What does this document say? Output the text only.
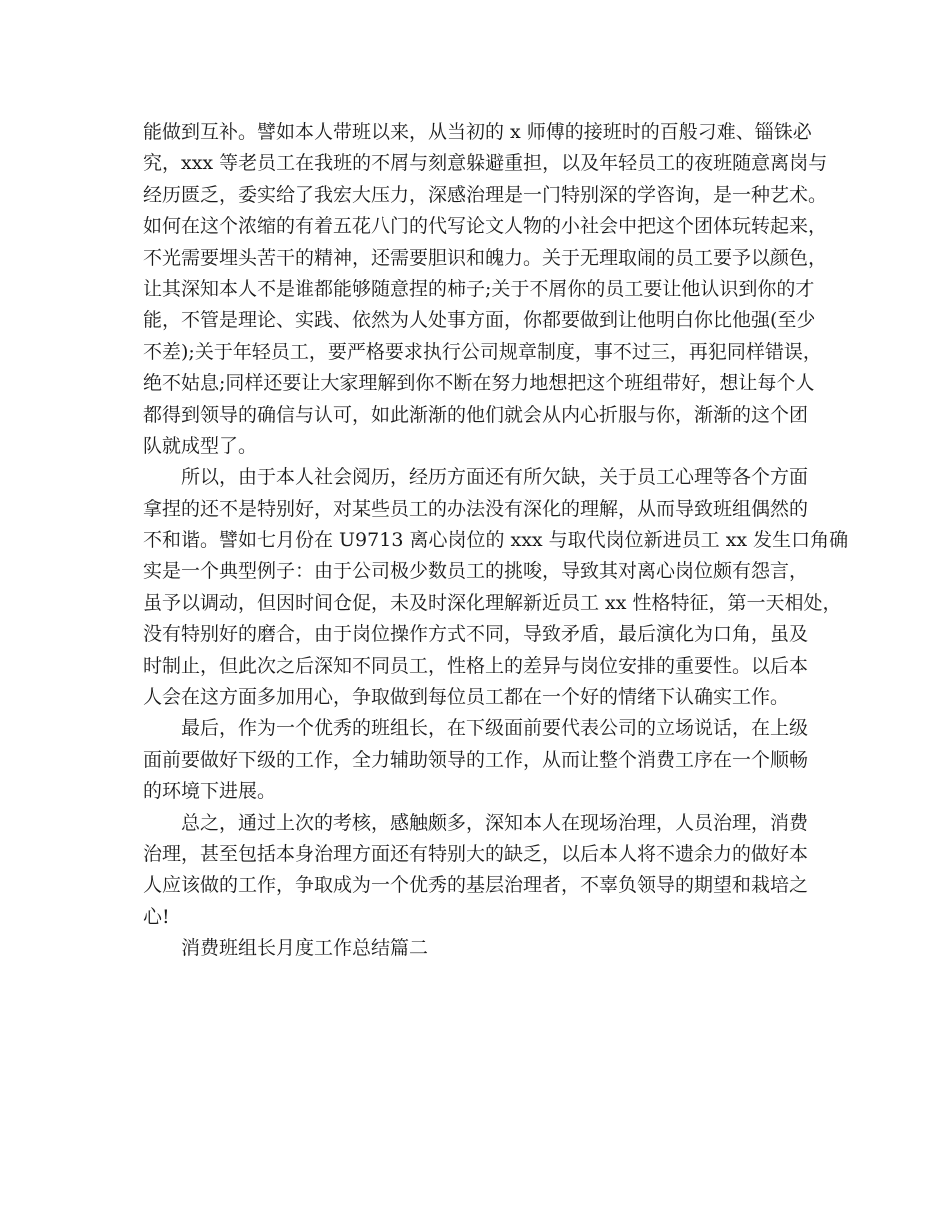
能做到互补。譬如本人带班以来，从当初的 x 师傅的接班时的百般刁难、锱铢必

究，xxx 等老员工在我班的不屑与刻意躲避重担，以及年轻员工的夜班随意离岗与

经历匮乏，委实给了我宏大压力，深感治理是一门特别深的学咨询，是一种艺术。

如何在这个浓缩的有着五花八门的代写论文人物的小社会中把这个团体玩转起来，

不光需要埋头苦干的精神，还需要胆识和魄力。关于无理取闹的员工要予以颜色，

让其深知本人不是谁都能够随意捏的柿子;关于不屑你的员工要让他认识到你的才

能，不管是理论、实践、依然为人处事方面，你都要做到让他明白你比他强(至少

不差);关于年轻员工，要严格要求执行公司规章制度，事不过三，再犯同样错误，

绝不姑息;同样还要让大家理解到你不断在努力地想把这个班组带好，想让每个人

都得到领导的确信与认可，如此渐渐的他们就会从内心折服与你，渐渐的这个团

队就成型了。

所以，由于本人社会阅历，经历方面还有所欠缺，关于员工心理等各个方面

拿捏的还不是特别好，对某些员工的办法没有深化的理解，从而导致班组偶然的

不和谐。譬如七月份在 U9713 离心岗位的 xxx 与取代岗位新进员工 xx 发生口角确

实是一个典型例子：由于公司极少数员工的挑唆，导致其对离心岗位颇有怨言，

虽予以调动，但因时间仓促，未及时深化理解新近员工 xx 性格特征，第一天相处，

没有特别好的磨合，由于岗位操作方式不同，导致矛盾，最后演化为口角，虽及

时制止，但此次之后深知不同员工，性格上的差异与岗位安排的重要性。以后本

人会在这方面多加用心，争取做到每位员工都在一个好的情绪下认确实工作。

最后，作为一个优秀的班组长，在下级面前要代表公司的立场说话，在上级

面前要做好下级的工作，全力辅助领导的工作，从而让整个消费工序在一个顺畅

的环境下进展。

总之，通过上次的考核，感触颇多，深知本人在现场治理，人员治理，消费

治理，甚至包括本身治理方面还有特别大的缺乏，以后本人将不遗余力的做好本

人应该做的工作，争取成为一个优秀的基层治理者，不辜负领导的期望和栽培之

心!

消费班组长月度工作总结篇二
